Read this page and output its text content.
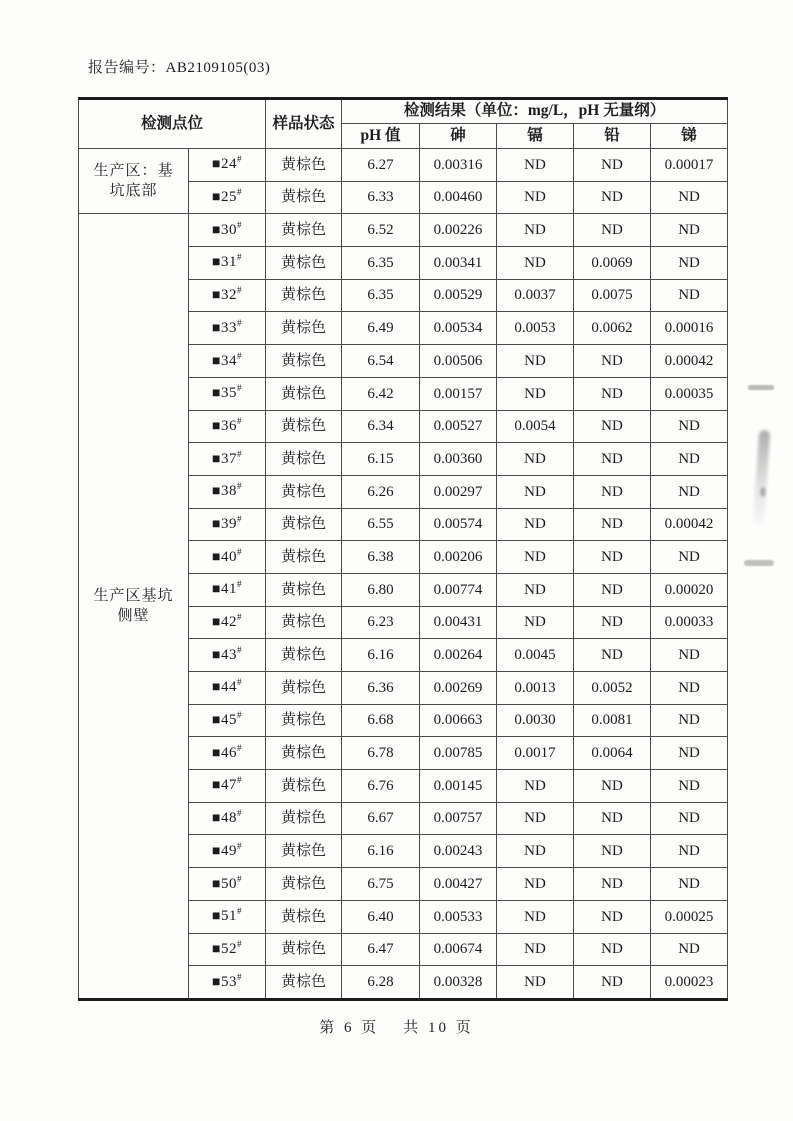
报告编号：AB2109105(03)
检测点位		样品状态	检测结果（单位：mg/L，pH 无量纲）				
			pH 值	砷	镉	铅	锑
生产区：基坑底部	■24#	黄棕色	6.27	0.00316	ND	ND	0.00017
	■25#	黄棕色	6.33	0.00460	ND	ND	ND
生产区基坑侧壁	■30#	黄棕色	6.52	0.00226	ND	ND	ND
	■31#	黄棕色	6.35	0.00341	ND	0.0069	ND
	■32#	黄棕色	6.35	0.00529	0.0037	0.0075	ND
	■33#	黄棕色	6.49	0.00534	0.0053	0.0062	0.00016
	■34#	黄棕色	6.54	0.00506	ND	ND	0.00042
	■35#	黄棕色	6.42	0.00157	ND	ND	0.00035
	■36#	黄棕色	6.34	0.00527	0.0054	ND	ND
	■37#	黄棕色	6.15	0.00360	ND	ND	ND
	■38#	黄棕色	6.26	0.00297	ND	ND	ND
	■39#	黄棕色	6.55	0.00574	ND	ND	0.00042
	■40#	黄棕色	6.38	0.00206	ND	ND	ND
	■41#	黄棕色	6.80	0.00774	ND	ND	0.00020
	■42#	黄棕色	6.23	0.00431	ND	ND	0.00033
	■43#	黄棕色	6.16	0.00264	0.0045	ND	ND
	■44#	黄棕色	6.36	0.00269	0.0013	0.0052	ND
	■45#	黄棕色	6.68	0.00663	0.0030	0.0081	ND
	■46#	黄棕色	6.78	0.00785	0.0017	0.0064	ND
	■47#	黄棕色	6.76	0.00145	ND	ND	ND
	■48#	黄棕色	6.67	0.00757	ND	ND	ND
	■49#	黄棕色	6.16	0.00243	ND	ND	ND
	■50#	黄棕色	6.75	0.00427	ND	ND	ND
	■51#	黄棕色	6.40	0.00533	ND	ND	0.00025
	■52#	黄棕色	6.47	0.00674	ND	ND	ND
	■53#	黄棕色	6.28	0.00328	ND	ND	0.00023
第 6 页 共 10 页
